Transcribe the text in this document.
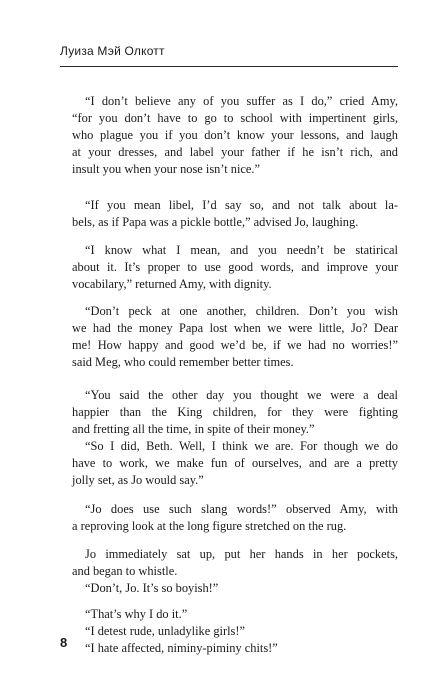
Луиза Мэй Олкотт

“I don’t believe any of you suffer as I do,” cried Amy,
“for you don’t have to go to school with impertinent girls,
who plague you if you don’t know your lessons, and laugh
at your dresses, and label your father if he isn’t rich, and
insult you when your nose isn’t nice.”

“If you mean libel, I’d say so, and not talk about la-
bels, as if Papa was a pickle bottle,” advised Jo, laughing.

“I know what I mean, and you needn’t be statirical
about it. It’s proper to use good words, and improve your
vocabilary,” returned Amy, with dignity.

“Don’t peck at one another, children. Don’t you wish
we had the money Papa lost when we were little, Jo? Dear
me! How happy and good we’d be, if we had no worries!”
said Meg, who could remember better times.

“You said the other day you thought we were a deal
happier than the King children, for they were fighting
and fretting all the time, in spite of their money.”
“So I did, Beth. Well, I think we are. For though we do
have to work, we make fun of ourselves, and are a pretty
jolly set, as Jo would say.”

“Jo does use such slang words!” observed Amy, with
a reproving look at the long figure stretched on the rug.

Jo immediately sat up, put her hands in her pockets,
and began to whistle.
“Don’t, Jo. It’s so boyish!”

“That’s why I do it.”
“I detest rude, unladylike girls!”
“I hate affected, niminy-piminy chits!”

8
